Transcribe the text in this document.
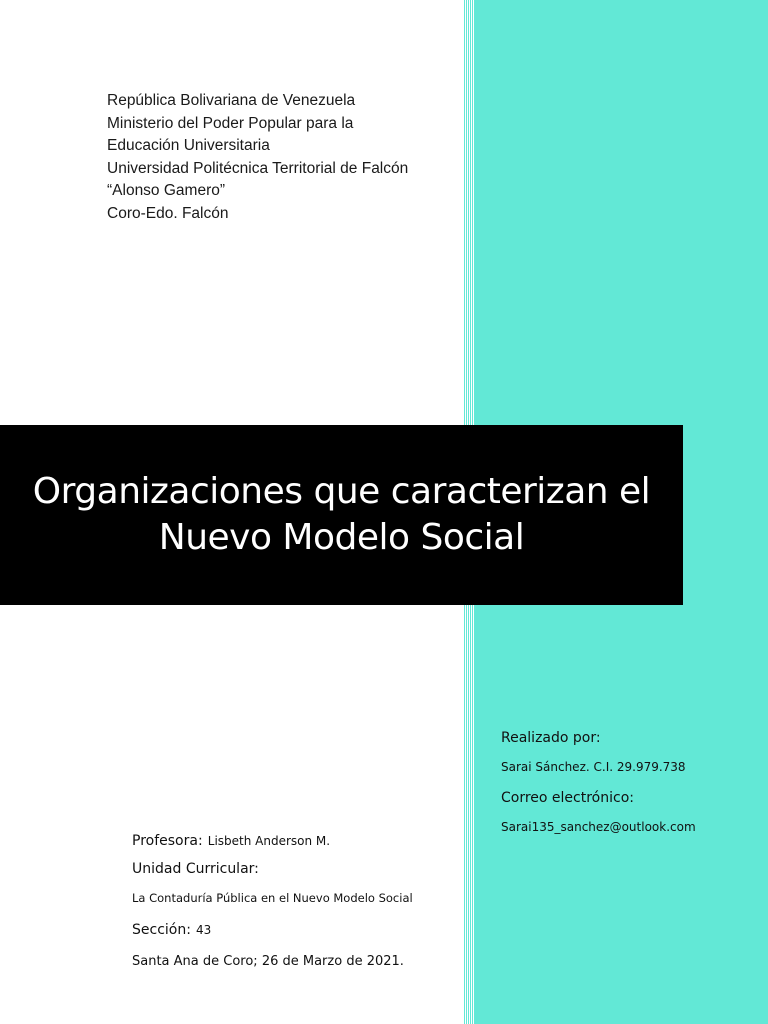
República Bolivariana de Venezuela
Ministerio del Poder Popular para la
Educación Universitaria
Universidad Politécnica Territorial de Falcón
“Alonso Gamero”
Coro-Edo. Falcón
Organizaciones que caracterizan el
Nuevo Modelo Social
Realizado por:
Sarai Sánchez. C.I. 29.979.738
Correo electrónico:
Sarai135_sanchez@outlook.com
Profesora: Lisbeth Anderson M.
Unidad Curricular:
La Contaduría Pública en el Nuevo Modelo Social
Sección: 43
Santa Ana de Coro; 26 de Marzo de 2021.
